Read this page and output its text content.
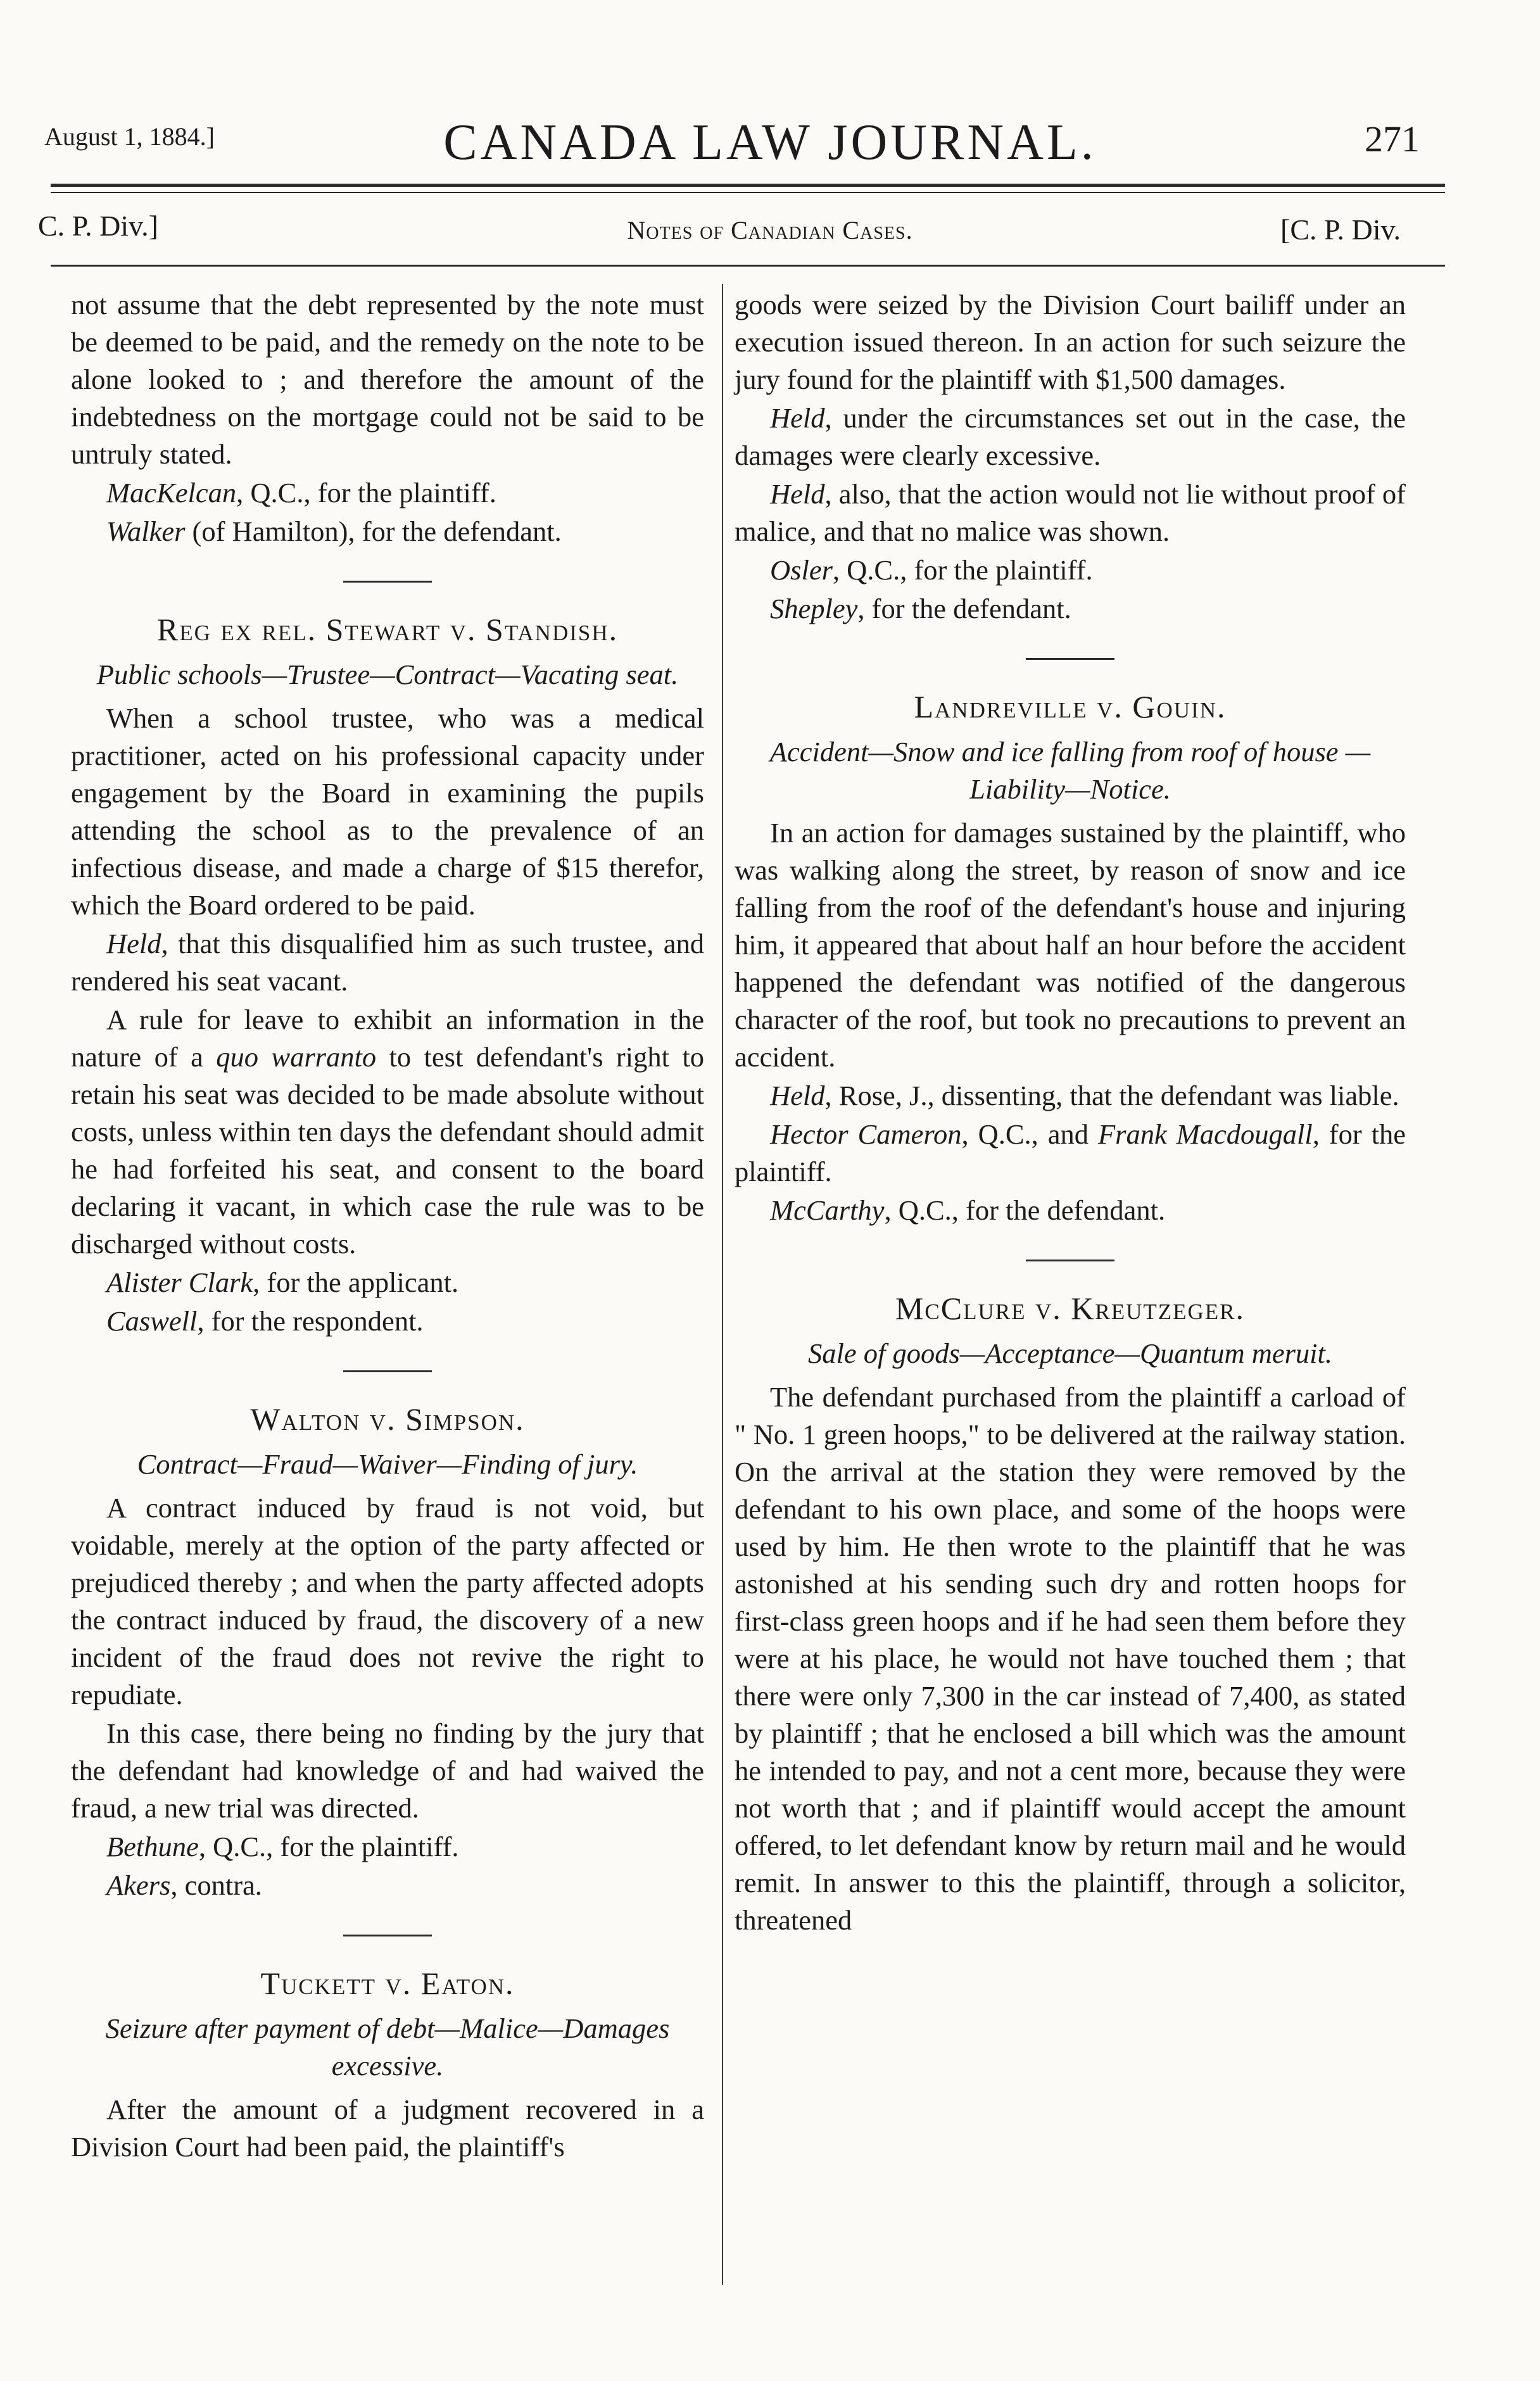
August 1, 1884.]	CANADA LAW JOURNAL.	271
C. P. Div.]	Notes of Canadian Cases.	[C. P. Div.

not assume that the debt represented by the note must be deemed to be paid, and the remedy on the note to be alone looked to ; and therefore the amount of the indebtedness on the mortgage could not be said to be untruly stated.

MacKelcan, Q.C., for the plaintiff.

Walker (of Hamilton), for the defendant.

Reg ex rel. Stewart v. Standish.
Public schools—Trustee—Contract—Vacating seat.

When a school trustee, who was a medical practitioner, acted on his professional capacity under engagement by the Board in examining the pupils attending the school as to the prevalence of an infectious disease, and made a charge of $15 therefor, which the Board ordered to be paid.

Held, that this disqualified him as such trustee, and rendered his seat vacant.

A rule for leave to exhibit an information in the nature of a quo warranto to test defendant's right to retain his seat was decided to be made absolute without costs, unless within ten days the defendant should admit he had forfeited his seat, and consent to the board declaring it vacant, in which case the rule was to be discharged without costs.

Alister Clark, for the applicant.

Caswell, for the respondent.

Walton v. Simpson.
Contract—Fraud—Waiver—Finding of jury.

A contract induced by fraud is not void, but voidable, merely at the option of the party affected or prejudiced thereby ; and when the party affected adopts the contract induced by fraud, the discovery of a new incident of the fraud does not revive the right to repudiate.

In this case, there being no finding by the jury that the defendant had knowledge of and had waived the fraud, a new trial was directed.

Bethune, Q.C., for the plaintiff.

Akers, contra.

Tuckett v. Eaton.
Seizure after payment of debt—Malice—Damages excessive.

After the amount of a judgment recovered in a Division Court had been paid, the plaintiff's

goods were seized by the Division Court bailiff under an execution issued thereon. In an action for such seizure the jury found for the plaintiff with $1,500 damages.

Held, under the circumstances set out in the case, the damages were clearly excessive.

Held, also, that the action would not lie without proof of malice, and that no malice was shown.

Osler, Q.C., for the plaintiff.

Shepley, for the defendant.

Landreville v. Gouin.
Accident—Snow and ice falling from roof of house —Liability—Notice.

In an action for damages sustained by the plaintiff, who was walking along the street, by reason of snow and ice falling from the roof of the defendant's house and injuring him, it appeared that about half an hour before the accident happened the defendant was notified of the dangerous character of the roof, but took no precautions to prevent an accident.

Held, Rose, J., dissenting, that the defendant was liable.

Hector Cameron, Q.C., and Frank Macdougall, for the plaintiff.

McCarthy, Q.C., for the defendant.

McClure v. Kreutzeger.
Sale of goods—Acceptance—Quantum meruit.

The defendant purchased from the plaintiff a carload of " No. 1 green hoops," to be delivered at the railway station. On the arrival at the station they were removed by the defendant to his own place, and some of the hoops were used by him. He then wrote to the plaintiff that he was astonished at his sending such dry and rotten hoops for first-class green hoops and if he had seen them before they were at his place, he would not have touched them ; that there were only 7,300 in the car instead of 7,400, as stated by plaintiff ; that he enclosed a bill which was the amount he intended to pay, and not a cent more, because they were not worth that ; and if plaintiff would accept the amount offered, to let defendant know by return mail and he would remit. In answer to this the plaintiff, through a solicitor, threatened
